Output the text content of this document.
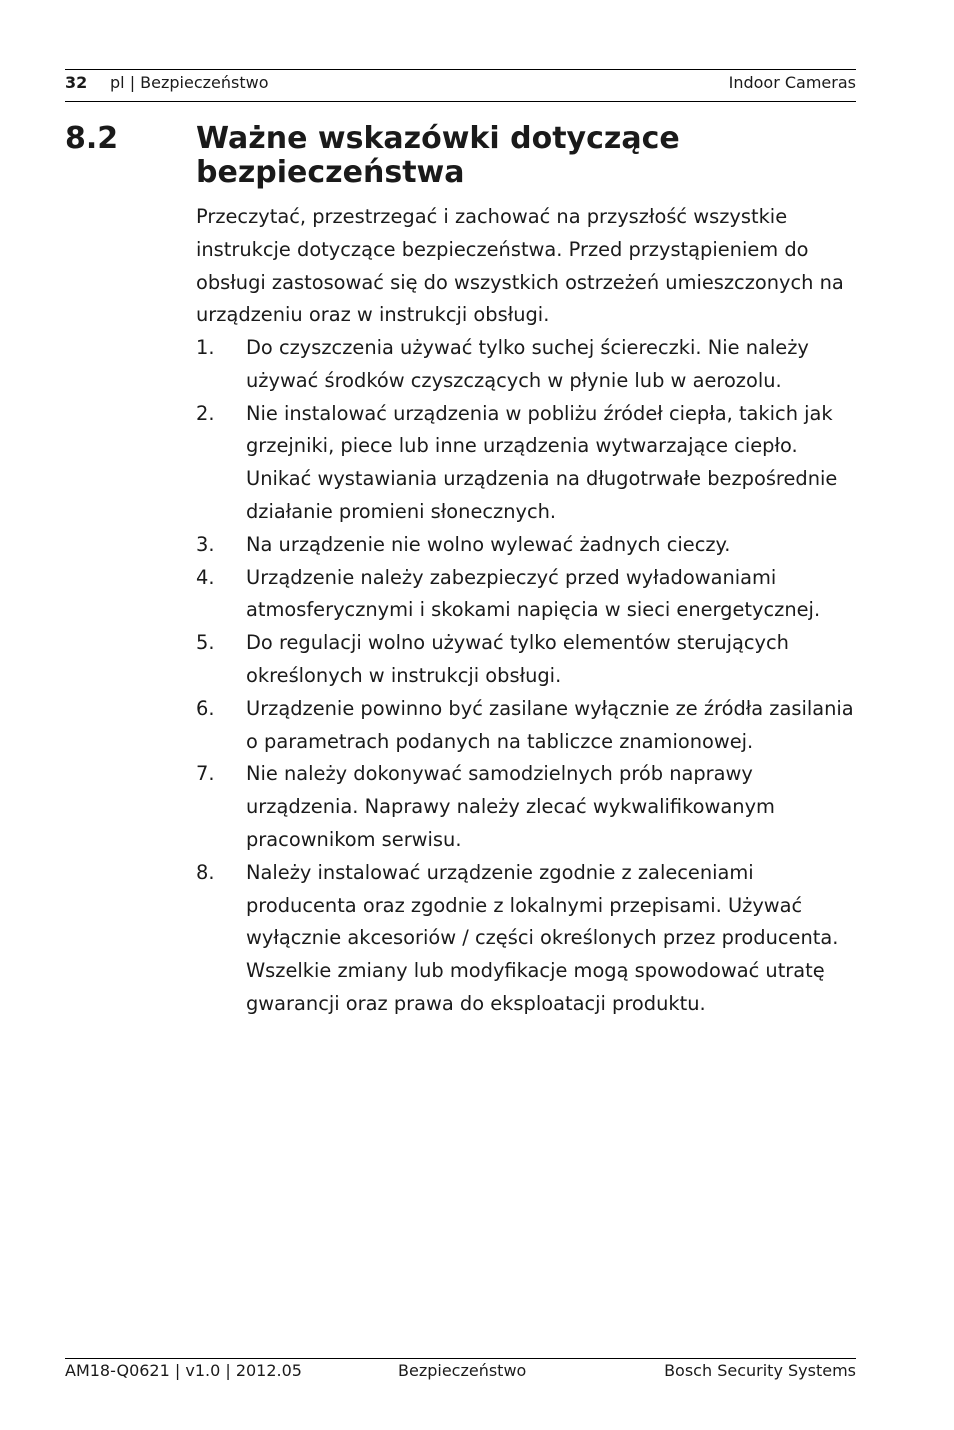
32 pl | Bezpieczeństwo	Indoor Cameras
8.2	Ważne wskazówki dotyczące bezpieczeństwa

Przeczytać, przestrzegać i zachować na przyszłość wszystkie instrukcje dotyczące bezpieczeństwa. Przed przystąpieniem do obsługi zastosować się do wszystkich ostrzeżeń umieszczonych na urządzeniu oraz w instrukcji obsługi.

1.	Do czyszczenia używać tylko suchej ściereczki. Nie należy używać środków czyszczących w płynie lub w aerozolu.
2.	Nie instalować urządzenia w pobliżu źródeł ciepła, takich jak grzejniki, piece lub inne urządzenia wytwarzające ciepło. Unikać wystawiania urządzenia na długotrwałe bezpośrednie działanie promieni słonecznych.
3.	Na urządzenie nie wolno wylewać żadnych cieczy.
4.	Urządzenie należy zabezpieczyć przed wyładowaniami atmosferycznymi i skokami napięcia w sieci energetycznej.
5.	Do regulacji wolno używać tylko elementów sterujących określonych w instrukcji obsługi.
6.	Urządzenie powinno być zasilane wyłącznie ze źródła zasilania o parametrach podanych na tabliczce znamionowej.
7.	Nie należy dokonywać samodzielnych prób naprawy urządzenia. Naprawy należy zlecać wykwalifikowanym pracownikom serwisu.
8.	Należy instalować urządzenie zgodnie z zaleceniami producenta oraz zgodnie z lokalnymi przepisami. Używać wyłącznie akcesoriów / części określonych przez producenta. Wszelkie zmiany lub modyfikacje mogą spowodować utratę gwarancji oraz prawa do eksploatacji produktu.
AM18-Q0621 | v1.0 | 2012.05	Bezpieczeństwo	Bosch Security Systems
